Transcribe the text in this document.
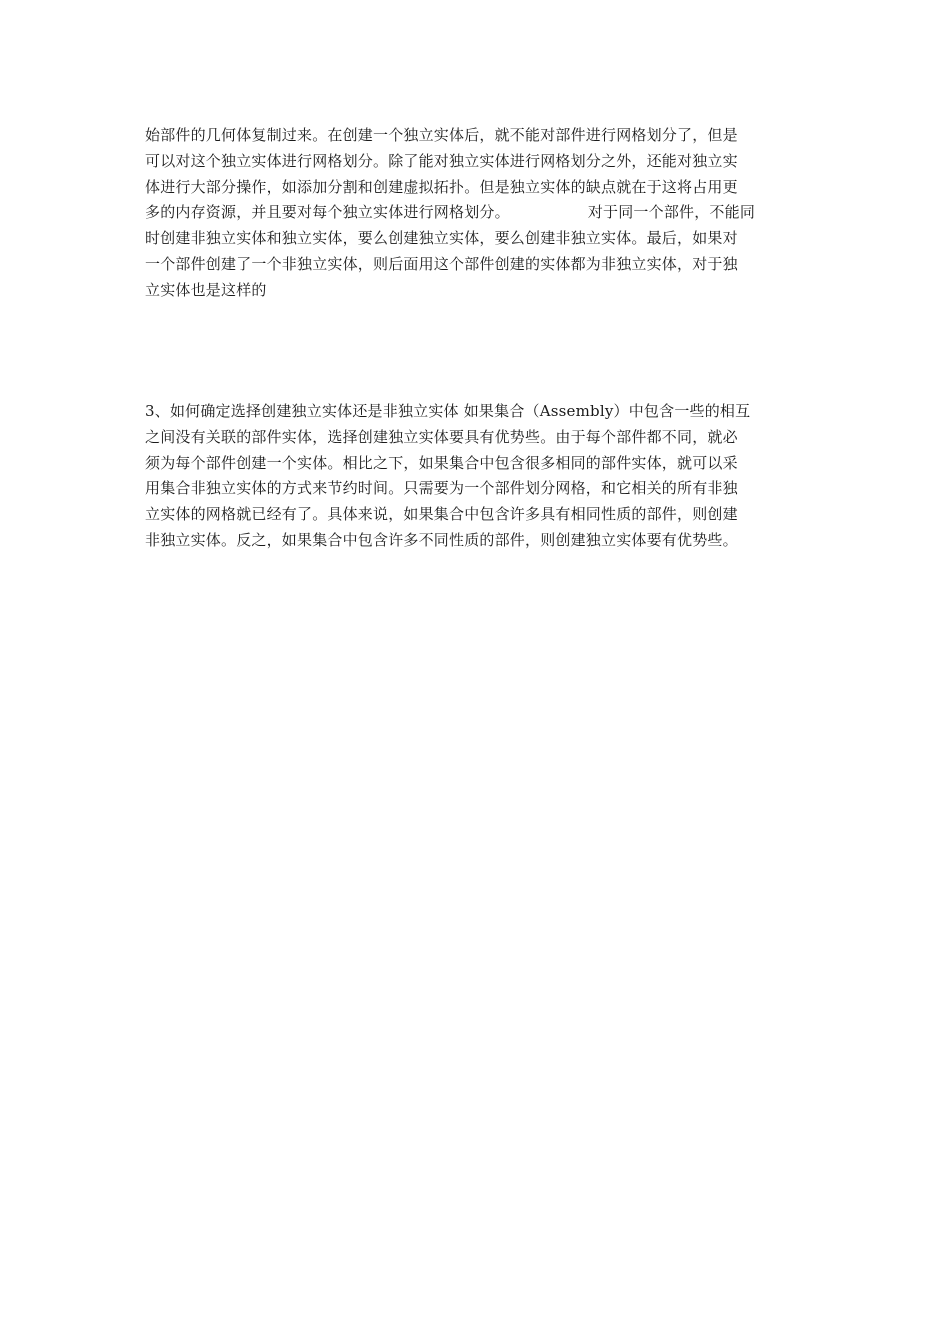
始部件的几何体复制过来。在创建一个独立实体后，就不能对部件进行网格划分了，但是
可以对这个独立实体进行网格划分。除了能对独立实体进行网格划分之外，还能对独立实
体进行大部分操作，如添加分割和创建虚拟拓扑。但是独立实体的缺点就在于这将占用更
多的内存资源，并且要对每个独立实体进行网格划分。	对于同一个部件，不能同
时创建非独立实体和独立实体，要么创建独立实体，要么创建非独立实体。最后，如果对
一个部件创建了一个非独立实体，则后面用这个部件创建的实体都为非独立实体，对于独
立实体也是这样的
3、如何确定选择创建独立实体还是非独立实体 如果集合（Assembly）中包含一些的相互
之间没有关联的部件实体，选择创建独立实体要具有优势些。由于每个部件都不同，就必
须为每个部件创建一个实体。相比之下，如果集合中包含很多相同的部件实体，就可以采
用集合非独立实体的方式来节约时间。只需要为一个部件划分网格，和它相关的所有非独
立实体的网格就已经有了。具体来说，如果集合中包含许多具有相同性质的部件，则创建
非独立实体。反之，如果集合中包含许多不同性质的部件，则创建独立实体要有优势些。
